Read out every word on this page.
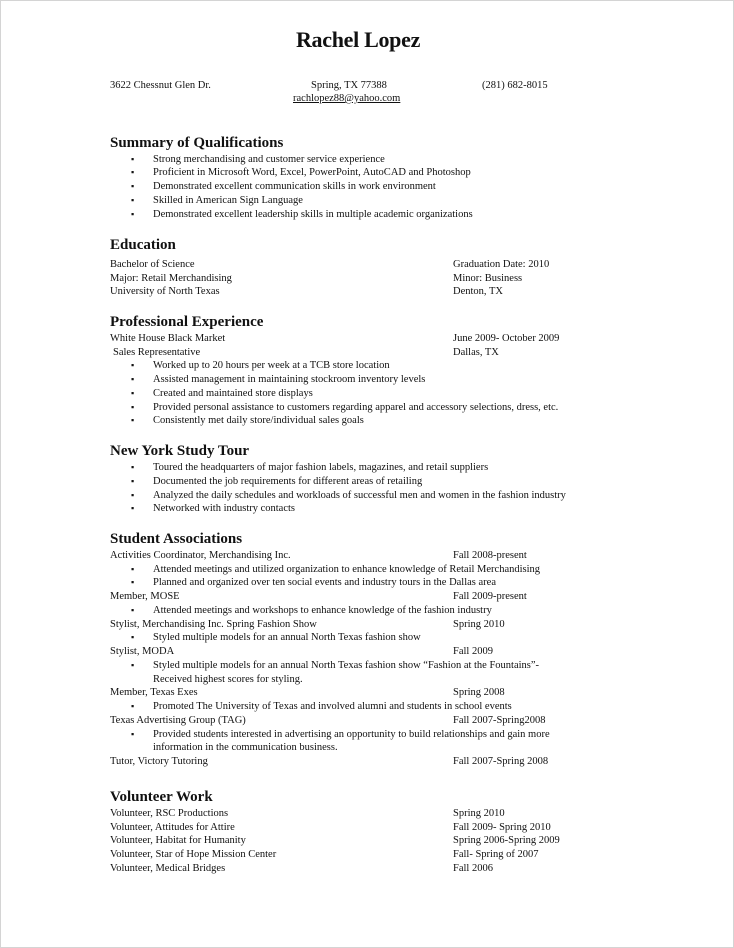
Rachel Lopez
3622 Chessnut Glen Dr.	Spring, TX 77388	(281) 682-8015
rachlopez88@yahoo.com
Summary of Qualifications
▪ Strong merchandising and customer service experience
▪ Proficient in Microsoft Word, Excel, PowerPoint, AutoCAD and Photoshop
▪ Demonstrated excellent communication skills in work environment
▪ Skilled in American Sign Language
▪ Demonstrated excellent leadership skills in multiple academic organizations
Education
Bachelor of Science	Graduation Date: 2010
Major: Retail Merchandising	Minor: Business
University of North Texas	Denton, TX
Professional Experience
White House Black Market	June 2009- October 2009
Sales Representative	Dallas, TX
▪ Worked up to 20 hours per week at a TCB store location
▪ Assisted management in maintaining stockroom inventory levels
▪ Created and maintained store displays
▪ Provided personal assistance to customers regarding apparel and accessory selections, dress, etc.
▪ Consistently met daily store/individual sales goals
New York Study Tour
▪ Toured the headquarters of major fashion labels, magazines, and retail suppliers
▪ Documented the job requirements for different areas of retailing
▪ Analyzed the daily schedules and workloads of successful men and women in the fashion industry
▪ Networked with industry contacts
Student Associations
Activities Coordinator, Merchandising Inc.	Fall 2008-present
▪ Attended meetings and utilized organization to enhance knowledge of Retail Merchandising
▪ Planned and organized over ten social events and industry tours in the Dallas area
Member, MOSE	Fall 2009-present
▪ Attended meetings and workshops to enhance knowledge of the fashion industry
Stylist, Merchandising Inc. Spring Fashion Show	Spring 2010
▪ Styled multiple models for an annual North Texas fashion show
Stylist, MODA	Fall 2009
▪ Styled multiple models for an annual North Texas fashion show “Fashion at the Fountains”-
Received highest scores for styling.
Member, Texas Exes	Spring 2008
▪ Promoted The University of Texas and involved alumni and students in school events
Texas Advertising Group (TAG)	Fall 2007-Spring2008
▪ Provided students interested in advertising an opportunity to build relationships and gain more
information in the communication business.
Tutor, Victory Tutoring	Fall 2007-Spring 2008
Volunteer Work
Volunteer, RSC Productions	Spring 2010
Volunteer, Attitudes for Attire	Fall 2009- Spring 2010
Volunteer, Habitat for Humanity	Spring 2006-Spring 2009
Volunteer, Star of Hope Mission Center	Fall- Spring of 2007
Volunteer, Medical Bridges	Fall 2006
